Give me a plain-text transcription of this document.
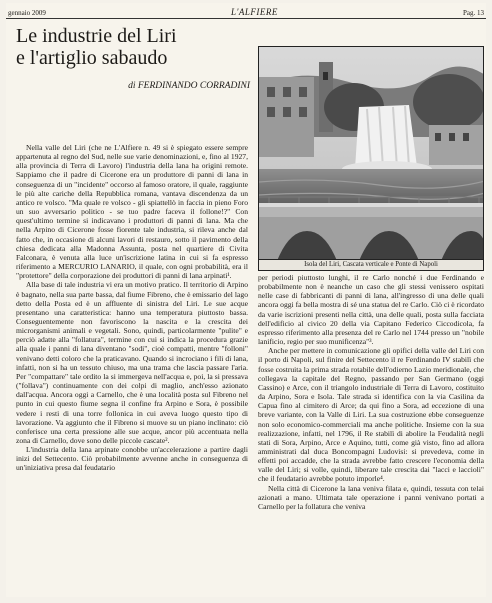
gennaio 2009	L'ALFIERE	Pag. 13
Le industrie del Liri
e l'artiglio sabaudo
di FERDINANDO CORRADINI

Nella valle del Liri (che ne L'Alfiere n. 49 si è spiegato essere sempre appartenuta al regno del Sud, nelle sue varie denominazioni, e, fino al 1927, alla provincia di Terra di Lavoro) l'industria della lana ha origini remote. Sappiamo che il padre di Cicerone era un produttore di panni di lana in conseguenza di un "incidente" occorso al famoso oratore, il quale, raggiunte le più alte cariche della Repubblica romana, vantava discendenza da un antico re volsco. "Ma quale re volsco - gli spiattellò in faccia in pieno Foro un suo avversario politico - se tuo padre faceva il follone!?" Con quest'ultimo termine si indicavano i produttori di panni di lana. Ma che nella Arpino di Cicerone fosse fiorente tale industria, si rileva anche dal fatto che, in occasione di alcuni lavori di restauro, sotto il pavimento della chiesa dedicata alla Madonna Assunta, posta nel quartiere di Civita Falconara, è venuta alla luce un'iscrizione latina in cui si fa espresso riferimento a MERCURIO LANARIO, il quale, con ogni probabilità, era il "protettore" della corporazione dei produttori di panni di lana arpinati¹.

Alla base di tale industria vi era un motivo pratico. Il territorio di Arpino è bagnato, nella sua parte bassa, dal fiume Fibreno, che è emissario del lago detto della Posta ed è un affluente di sinistra del Liri. Le sue acque presentano una caratteristica: hanno una temperatura piuttosto bassa. Conseguentemente non favoriscono la nascita e la crescita dei microrganismi animali e vegetali. Sono, quindi, particolarmente "pulite" e perciò adatte alla "follatura", termine con cui si indica la procedura grazie alla quale i panni di lana diventano "sodi", cioè compatti, mentre "folloni" venivano detti coloro che la praticavano. Quando si incrociano i fili di lana, infatti, non si ha un tessuto chiuso, ma una trama che lascia passare l'aria. Per "compattare" tale ordito la si immergeva nell'acqua e, poi, la si pressava ("follava") continuamente con dei colpi di maglio, anch'esso azionato dall'acqua. Ancora oggi a Carnello, che è una località posta sul Fibreno nel punto in cui questo fiume segna il confine fra Arpino e Sora, è possibile vedere i resti di una torre follonica in cui aveva luogo questo tipo di lavorazione. Va aggiunto che il Fibreno si muove su un piano inclinato: ciò conferisce una certa pressione alle sue acque, ancor più accentuata nella zona di Carnello, dove sono delle piccole cascate².

L'industria della lana arpinate conobbe un'accelerazione a partire dagli inizi del Settecento. Ciò probabilmente avvenne anche in conseguenza di un'iniziativa presa dal feudatario

Isola del Liri, Cascata verticale e Ponte di Napoli

per periodi piuttosto lunghi, il re Carlo nonché i due Ferdinando e probabilmente non è neanche un caso che gli stessi venissero ospitati nelle case di fabbricanti di panni di lana, all'ingresso di una delle quali ancora oggi fa bella mostra di sé una statua del re Carlo. Ciò ci è ricordato da varie iscrizioni presenti nella città, una delle quali, posta sulla facciata dell'edificio al civico 20 della via Capitano Federico Ciccodicola, fa espresso riferimento alla presenza del re Carlo nel 1744 presso un "nobile lanificio, regio per suo munificenza"³.

Anche per mettere in comunicazione gli opifici della valle del Liri con il porto di Napoli, sul finire del Settecento il re Ferdinando IV stabilì che fosse costruita la prima strada rotabile dell'odierno Lazio meridionale, che collegava la capitale del Regno, passando per San Germano (oggi Cassino) e Arce, con il triangolo industriale di Terra di Lavoro, costituito da Arpino, Sora e Isola. Tale strada si identifica con la via Casilina da Capua fino al cimitero di Arce; da qui fino a Sora, ad eccezione di una breve variante, con la Valle di Liri. La sua costruzione ebbe conseguenze non solo economico-commerciali ma anche politiche. Insieme con la sua realizzazione, infatti, nel 1796, il Re stabilì di abolire la Feudalità negli stati di Sora, Arpino, Arce e Aquino, tutti, come già visto, fino ad allora amministrati dal duca Boncompagni Ludovisi: si prevedeva, come in effetti poi accadde, che la strada avrebbe fatto crescere l'economia della valle del Liri; si volle, quindi, liberare tale crescita dai "lacci e laccioli" che il feudatario avrebbe potuto imporle⁴.

Nella città di Cicerone la lana veniva filata e, quindi, tessuta con telai azionati a mano. Ultimata tale operazione i panni venivano portati a Carnello per la follatura che veniva
